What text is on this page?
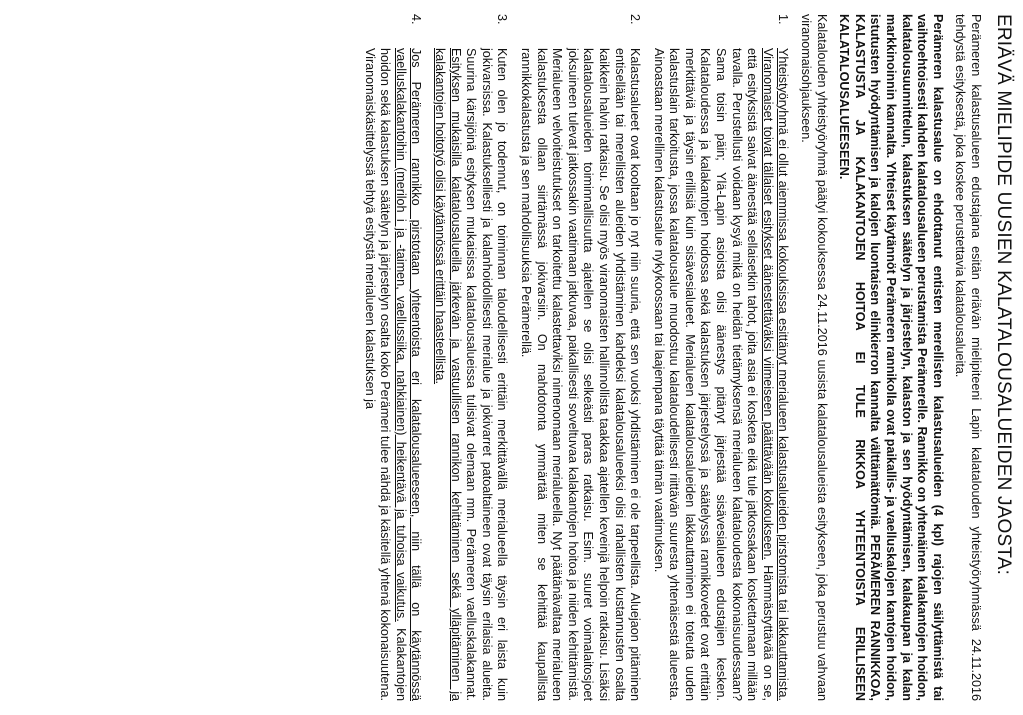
ERIÄVÄ MIELIPIDE UUSIEN KALATALOUSALUEIDEN JAOSTA:

Perämeren kalastusalueen edustajana esitän eriävän mielipiteeni Lapin kalatalouden yhteistyöryhmässä 24.11.2016 tehdystä esityksestä, joka koskee perustettavia kalatalousalueita.

Perämeren kalastusalue on ehdottanut entisten merellisten kalastusalueiden (4 kpl) rajojen säilyttämistä tai vaihtoehtoisesti kahden kalatalousalueen perustamista Perämerelle. Rannikko on yhtenäinen kalakantojen hoidon, kalatalousuunnittelun, kalastuksen säätelyn ja järjestelyn, kalaston ja sen hyödyntämisen, kalakaupan ja kalan markkinoinnin kannalta. Yhteiset käytännöt Perämeren rannikolla ovat paikallis- ja vaelluskalojen kantojen hoidon, istutusten hyödyntämisen ja kalojen luontaisen elinkierron kannalta välttämättömiä. PERÄMEREN RANNIKKOA, KALASTUSTA JA KALAKANTOJEN HOITOA EI TULE RIKKOA YHTEENTOISTA ERILLISEEN KALATALOUSALUEESEEN.

Kalatalouden yhteistyöryhmä päätyi kokouksessa 24.11.2016 uusista kalatalousalueista esitykseen, joka perustuu vahvaan viranomaisohjaukseen.

1.
Yhteistyöryhmä ei ollut aiemmissa kokouksissa esittänyt merialueen kalastusalueiden pirstomista tai lakkauttamista. Viranomaiset toivat tällaiset esitykset äänestettäväksi viimeiseen päättävään kokoukseen. Hämmästyttävää on se, että esityksistä saivat äänestää sellaisetkin tahot, joita asia ei kosketa eikä tule jatkossakaan koskettamaan millään tavalla. Perustellusti voidaan kysyä mikä on heidän tietämyksensä merialueen kalataloudesta kokonaisuudessaan? Sama toisin päin; Ylä-Lapin asioista olisi äänestys pitänyt järjestää sisävesialueen edustajien kesken. Kalataloudessa ja kalakantojen hoidossa sekä kalastuksen järjestelyssä ja säätelyssä rannikkovedet ovat erittäin merkittäviä ja täysin erillisiä kuin sisävesialueet. Merialueen kalatalousalueiden lakkauttaminen ei toteuta uuden kalastuslain tarkoitusta, jossa kalatalousalue muodostuu kalataloudellisesti riittävän suuresta yhtenäisestä alueesta. Ainoastaan merellinen kalastusalue nykykoossaan tai laajempana täyttää tämän vaatimuksen.
2.
Kalastusalueet ovat kooltaan jo nyt niin suuria, että sen vuoksi yhdistäminen ei ole tarpeellista. Aluejaon pitäminen entisellään tai merellisten alueiden yhdistäminen kahdeksi kalatalousalueeksi olisi rahallisten kustannusten osalta kaikkein halvin ratkaisu. Se olisi myös viranomaisten hallinnollista taakkaa ajatellen keveinjä helpoin ratkaisu. Lisäksi kalatalousalueiden toiminnallisuutta ajatellen se olisi selkeästi paras ratkaisu. Esim. suuret voimalaitosjoet joksuineen tulevat jatkossakin vaatimaan jatkuvaa, paikallisesti soveltuvaa kalakantojen hoitoa ja niiden kehittämistä. Merialueen velvoiteistutukset on tarkoitettu kalastettaviksi nimenomaan merialueella. Nyt päätänävaltaa merialueen kalastuksesta ollaan siirtämässä jokivarsiin. On mahdotonta ymmärtää miten se kehittää kaupallista rannikkokalastusta ja sen mahdollisuuksia Perämerellä.
3.
Kuten olen jo todennut, on toiminnan taloudellisesti erittäin merkittävällä merialueella täysin eri laista kuin jokivarsissa. Kalastukselliesti ja kalanhoidollisesti merialue ja jokivarret patoaltaineen ovat täysin erilaisia alueita. Suurina kärsijöinä esityksen mukaisissa kalatalousalueissa tulisivat olemaan mm. Perämeren vaelluskalakannat. Esityksen mukaisilla kalatalousalueilla järkevän ja vastuullisen rannikon kehittäminen sekä ylläpitäminen ja kalakantojen hoitotyö olisi käytännössä erittäin haasteellista.
4.
Jos Perämeren rannikko pirstotaan yhteentoista eri kalatalousalueeseen, niin tällä on käytännössä vaelluskalakantoihin (meriloh i ja -taimen, vaellussiika, nahkiainen) heikentävä ja tuhoisa vaikutus. Kalakantojen hoidon sekä kalastuksen säätelyn ja järjestelyn osalta koko Perämeri tulee nähdä ja käsitellä yhtenä kokonaisuutena. Viranomaiskäsittelyssä tehtyä esitystä merialueen kalastuksen ja
